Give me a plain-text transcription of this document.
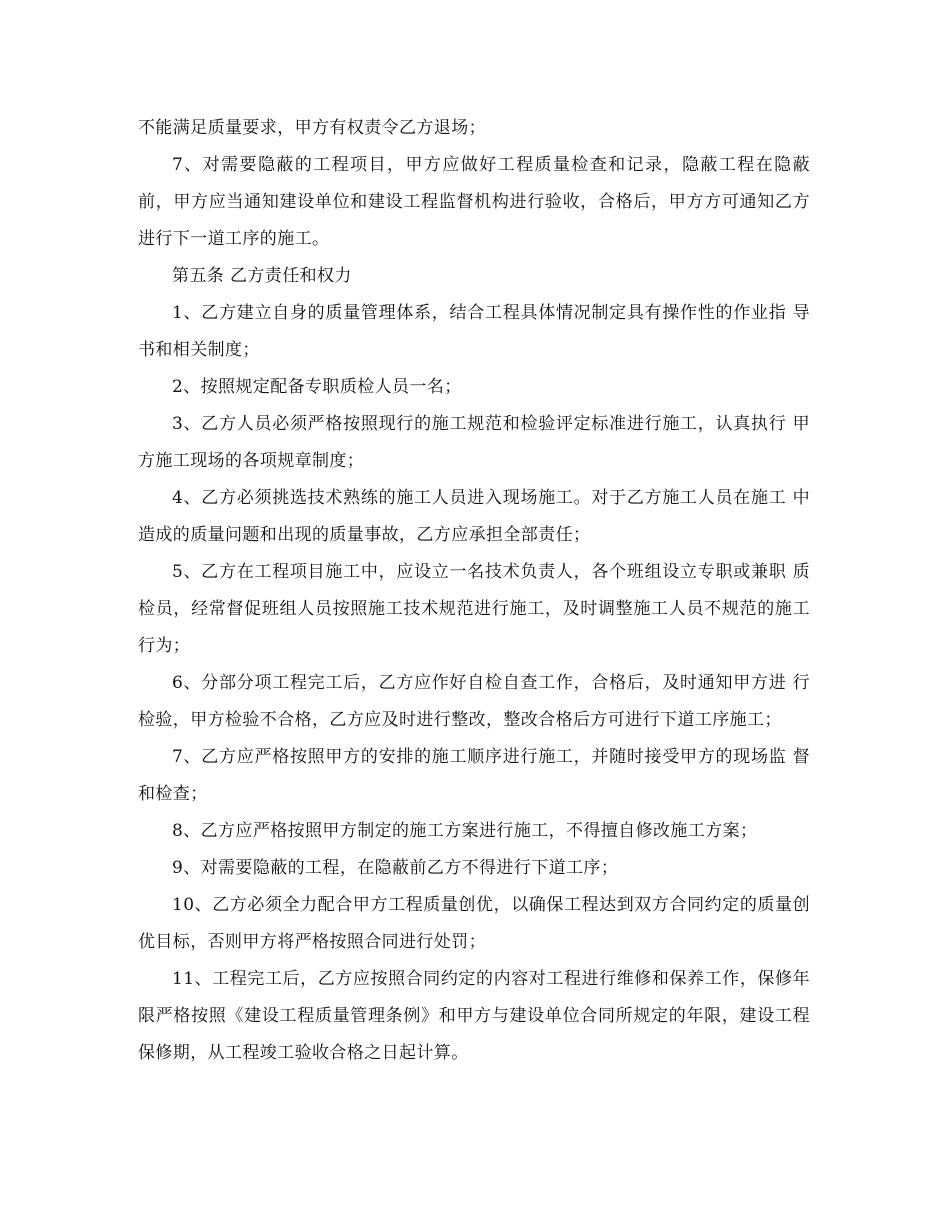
不能满足质量要求，甲方有权责令乙方退场；

7、对需要隐蔽的工程项目，甲方应做好工程质量检查和记录，隐蔽工程在隐蔽 前，甲方应当通知建设单位和建设工程监督机构进行验收，合格后，甲方方可通知乙方进行下一道工序的施工。

第五条 乙方责任和权力

1、乙方建立自身的质量管理体系，结合工程具体情况制定具有操作性的作业指 导书和相关制度；

2、按照规定配备专职质检人员一名；

3、乙方人员必须严格按照现行的施工规范和检验评定标准进行施工，认真执行 甲方施工现场的各项规章制度；

4、乙方必须挑选技术熟练的施工人员进入现场施工。对于乙方施工人员在施工 中造成的质量问题和出现的质量事故，乙方应承担全部责任；

5、乙方在工程项目施工中，应设立一名技术负责人，各个班组设立专职或兼职 质检员，经常督促班组人员按照施工技术规范进行施工，及时调整施工人员不规范的施工行为；

6、分部分项工程完工后，乙方应作好自检自查工作，合格后，及时通知甲方进 行检验，甲方检验不合格，乙方应及时进行整改，整改合格后方可进行下道工序施工；

7、乙方应严格按照甲方的安排的施工顺序进行施工，并随时接受甲方的现场监 督和检查；

8、乙方应严格按照甲方制定的施工方案进行施工，不得擅自修改施工方案；

9、对需要隐蔽的工程，在隐蔽前乙方不得进行下道工序；

10、乙方必须全力配合甲方工程质量创优，以确保工程达到双方合同约定的质量创优目标，否则甲方将严格按照合同进行处罚；

11、工程完工后，乙方应按照合同约定的内容对工程进行维修和保养工作，保修年限严格按照《建设工程质量管理条例》和甲方与建设单位合同所规定的年限，建设工程保修期，从工程竣工验收合格之日起计算。
